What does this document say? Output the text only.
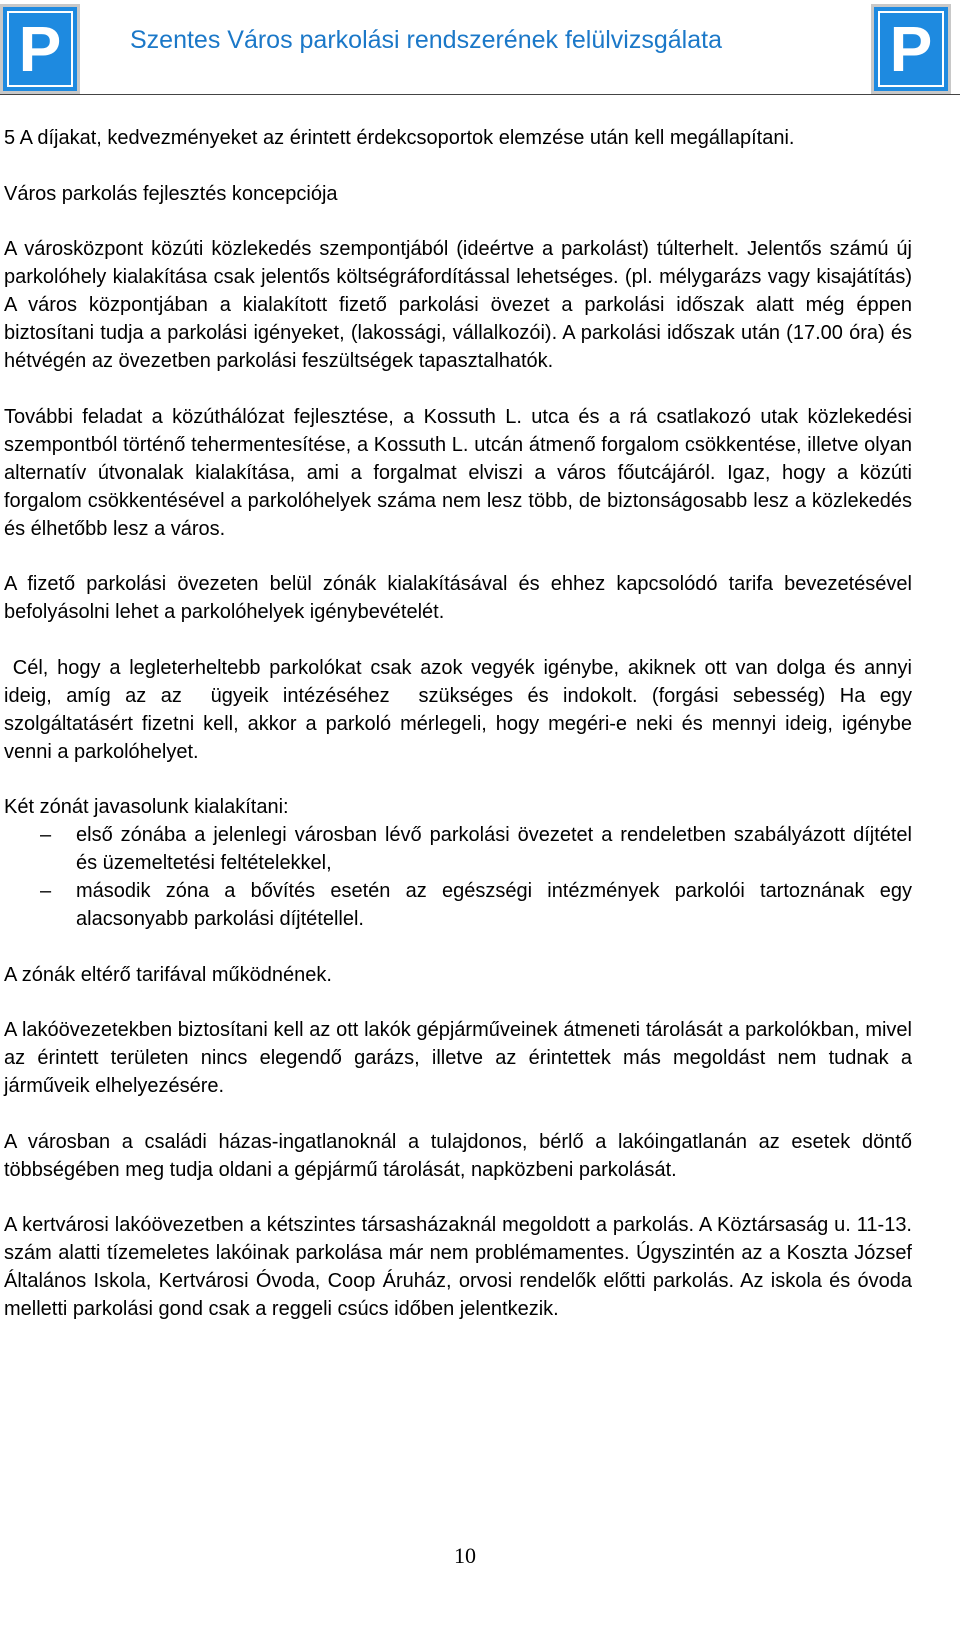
P	Szentes Város parkolási rendszerének felülvizsgálata	P

5 A díjakat, kedvezményeket az érintett érdekcsoportok elemzése után kell megállapítani.

Város parkolás fejlesztés koncepciója

A városközpont közúti közlekedés szempontjából (ideértve a parkolást) túlterhelt. Jelentős számú új parkolóhely kialakítása csak jelentős költségráfordítással lehetséges. (pl. mélygarázs vagy kisajátítás) A város központjában a kialakított fizető parkolási övezet a parkolási időszak alatt még éppen biztosítani tudja a parkolási igényeket, (lakossági, vállalkozói). A parkolási időszak után (17.00 óra) és hétvégén az övezetben parkolási feszültségek tapasztalhatók.

További feladat a közúthálózat fejlesztése, a Kossuth L. utca és a rá csatlakozó utak közlekedési szempontból történő tehermentesítése, a Kossuth L. utcán átmenő forgalom csökkentése, illetve olyan alternatív útvonalak kialakítása, ami a forgalmat elviszi a város főutcájáról. Igaz, hogy a közúti forgalom csökkentésével a parkolóhelyek száma nem lesz több, de biztonságosabb lesz a közlekedés és élhetőbb lesz a város.

A fizető parkolási övezeten belül zónák kialakításával és ehhez kapcsolódó tarifa bevezetésével befolyásolni lehet a parkolóhelyek igénybevételét.

Cél, hogy a legleterheltebb parkolókat csak azok vegyék igénybe, akiknek ott van dolga és annyi ideig, amíg az az  ügyeik intézéséhez  szükséges és indokolt. (forgási sebesség) Ha egy szolgáltatásért fizetni kell, akkor a parkoló mérlegeli, hogy megéri-e neki és mennyi ideig, igénybe venni a parkolóhelyet.

Két zónát javasolunk kialakítani:

–	első zónába a jelenlegi városban lévő parkolási övezetet a rendeletben szabályázott díjtétel és üzemeltetési feltételekkel,
–	második zóna a bővítés esetén az egészségi intézmények parkolói tartoznának egy alacsonyabb parkolási díjtétellel.

A zónák eltérő tarifával működnének.

A lakóövezetekben biztosítani kell az ott lakók gépjárműveinek átmeneti tárolását a parkolókban, mivel az érintett területen nincs elegendő garázs, illetve az érintettek más megoldást nem tudnak a járműveik elhelyezésére.

A városban a családi házas-ingatlanoknál a tulajdonos, bérlő a lakóingatlanán az esetek döntő többségében meg tudja oldani a gépjármű tárolását, napközbeni parkolását.

A kertvárosi lakóövezetben a kétszintes társasházaknál megoldott a parkolás. A Köztársaság u. 11-13. szám alatti tízemeletes lakóinak parkolása már nem problémamentes. Úgyszintén az a Koszta József Általános Iskola, Kertvárosi Óvoda, Coop Áruház, orvosi rendelők előtti parkolás. Az iskola és óvoda melletti parkolási gond csak a reggeli csúcs időben jelentkezik.

10
